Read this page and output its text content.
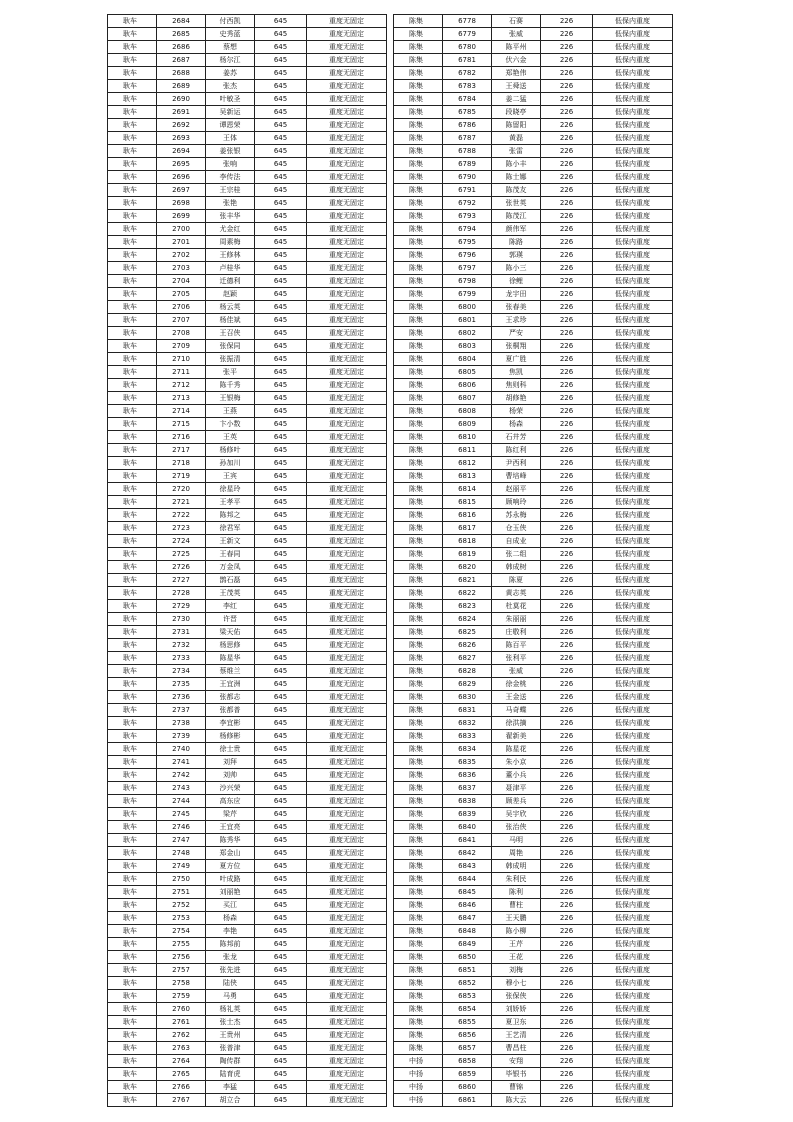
耿车	2684	付西凯	645	重度无固定
耿车	2685	史秀蓝	645	重度无固定
耿车	2686	蔡想	645	重度无固定
耿车	2687	杨尔江	645	重度无固定
耿车	2688	姜苏	645	重度无固定
耿车	2689	张杰	645	重度无固定
耿车	2690	叶敏圣	645	重度无固定
耿车	2691	吴新运	645	重度无固定
耿车	2692	谭恩荣	645	重度无固定
耿车	2693	王体	645	重度无固定
耿车	2694	姜张银	645	重度无固定
耿车	2695	张响	645	重度无固定
耿车	2696	李传法	645	重度无固定
耿车	2697	王宗桂	645	重度无固定
耿车	2698	张艳	645	重度无固定
耿车	2699	张丰华	645	重度无固定
耿车	2700	尤金红	645	重度无固定
耿车	2701	周素梅	645	重度无固定
耿车	2702	王修林	645	重度无固定
耿车	2703	卢桂华	645	重度无固定
耿车	2704	迁德利	645	重度无固定
耿车	2705	赵颖	645	重度无固定
耿车	2706	杨云英	645	重度无固定
耿车	2707	杨佳斌	645	重度无固定
耿车	2708	王召侠	645	重度无固定
耿车	2709	张保同	645	重度无固定
耿车	2710	张振清	645	重度无固定
耿车	2711	张平	645	重度无固定
耿车	2712	陈千秀	645	重度无固定
耿车	2713	王银梅	645	重度无固定
耿车	2714	王燕	645	重度无固定
耿车	2715	卞小数	645	重度无固定
耿车	2716	王英	645	重度无固定
耿车	2717	杨修叶	645	重度无固定
耿车	2718	孙加川	645	重度无固定
耿车	2719	王宾	645	重度无固定
耿车	2720	徐星玲	645	重度无固定
耿车	2721	王孝平	645	重度无固定
耿车	2722	陈邦之	645	重度无固定
耿车	2723	徐君军	645	重度无固定
耿车	2724	王新文	645	重度无固定
耿车	2725	王春同	645	重度无固定
耿车	2726	万金凤	645	重度无固定
耿车	2727	鹊石磊	645	重度无固定
耿车	2728	王茂英	645	重度无固定
耿车	2729	李红	645	重度无固定
耿车	2730	许晋	645	重度无固定
耿车	2731	梁天佑	645	重度无固定
耿车	2732	杨思修	645	重度无固定
耿车	2733	陈星华	645	重度无固定
耿车	2734	蔡维兰	645	重度无固定
耿车	2735	王宜洲	645	重度无固定
耿车	2736	张都志	645	重度无固定
耿车	2737	张都普	645	重度无固定
耿车	2738	李宜彬	645	重度无固定
耿车	2739	杨修彬	645	重度无固定
耿车	2740	徐士贵	645	重度无固定
耿车	2741	刘拜	645	重度无固定
耿车	2742	刘帅	645	重度无固定
耿车	2743	沙兴荣	645	重度无固定
耿车	2744	高东应	645	重度无固定
耿车	2745	梁芹	645	重度无固定
耿车	2746	王宜亮	645	重度无固定
耿车	2747	陈秀华	645	重度无固定
耿车	2748	郑金山	645	重度无固定
耿车	2749	夏方位	645	重度无固定
耿车	2750	叶成路	645	重度无固定
耿车	2751	刘丽艳	645	重度无固定
耿车	2752	买江	645	重度无固定
耿车	2753	杨森	645	重度无固定
耿车	2754	李艳	645	重度无固定
耿车	2755	陈邦前	645	重度无固定
耿车	2756	张龙	645	重度无固定
耿车	2757	张先进	645	重度无固定
耿车	2758	陆侠	645	重度无固定
耿车	2759	马勇	645	重度无固定
耿车	2760	杨礼英	645	重度无固定
耿车	2761	张士杰	645	重度无固定
耿车	2762	王贵州	645	重度无固定
耿车	2763	张普津	645	重度无固定
耿车	2764	陶传群	645	重度无固定
耿车	2765	陆育虎	645	重度无固定
耿车	2766	李猛	645	重度无固定
耿车	2767	胡立合	645	重度无固定
陈集	6778	石赛	226	低保内重度
陈集	6779	张威	226	低保内重度
陈集	6780	陈平州	226	低保内重度
陈集	6781	伏六金	226	低保内重度
陈集	6782	郑艳伟	226	低保内重度
陈集	6783	王舜送	226	低保内重度
陈集	6784	姜二猛	226	低保内重度
陈集	6785	段晓亭	226	低保内重度
陈集	6786	陈留阳	226	低保内重度
陈集	6787	黄磊	226	低保内重度
陈集	6788	张雷	226	低保内重度
陈集	6789	陈小丰	226	低保内重度
陈集	6790	陈士娜	226	低保内重度
陈集	6791	陈茂友	226	低保内重度
陈集	6792	张世英	226	低保内重度
陈集	6793	陈茂江	226	低保内重度
陈集	6794	颜伟军	226	低保内重度
陈集	6795	陈路	226	低保内重度
陈集	6796	郭瑛	226	低保内重度
陈集	6797	陈小三	226	低保内重度
陈集	6798	徐鲤	226	低保内重度
陈集	6799	龙宇田	226	低保内重度
陈集	6800	张春美	226	低保内重度
陈集	6801	王求珍	226	低保内重度
陈集	6802	严安	226	低保内重度
陈集	6803	张桐翔	226	低保内重度
陈集	6804	夏广胜	226	低保内重度
陈集	6805	焦凯	226	低保内重度
陈集	6806	焦则科	226	低保内重度
陈集	6807	胡修艳	226	低保内重度
陈集	6808	杨荣	226	低保内重度
陈集	6809	杨森	226	低保内重度
陈集	6810	石井芳	226	低保内重度
陈集	6811	陈红利	226	低保内重度
陈集	6812	尹西利	226	低保内重度
陈集	6813	曹培峰	226	低保内重度
陈集	6814	赵丽平	226	低保内重度
陈集	6815	顾响玲	226	低保内重度
陈集	6816	苏永梅	226	低保内重度
陈集	6817	仓玉侠	226	低保内重度
陈集	6818	自成业	226	低保内重度
陈集	6819	张二组	226	低保内重度
陈集	6820	韩成树	226	低保内重度
陈集	6821	陈夏	226	低保内重度
陈集	6822	黄志英	226	低保内重度
陈集	6823	杜莫花	226	低保内重度
陈集	6824	朱丽丽	226	低保内重度
陈集	6825	庄敬利	226	低保内重度
陈集	6826	陈百平	226	低保内重度
陈集	6827	张利平	226	低保内重度
陈集	6828	张威	226	低保内重度
陈集	6829	徐金桃	226	低保内重度
陈集	6830	王金送	226	低保内重度
陈集	6831	马奇蝶	226	低保内重度
陈集	6832	徐洪摘	226	低保内重度
陈集	6833	翟新美	226	低保内重度
陈集	6834	陈星花	226	低保内重度
陈集	6835	朱小京	226	低保内重度
陈集	6836	董小兵	226	低保内重度
陈集	6837	聂津平	226	低保内重度
陈集	6838	顾差兵	226	低保内重度
陈集	6839	吴宇欣	226	低保内重度
陈集	6840	张治侠	226	低保内重度
陈集	6841	马明	226	低保内重度
陈集	6842	周艳	226	低保内重度
陈集	6843	韩成明	226	低保内重度
陈集	6844	朱利民	226	低保内重度
陈集	6845	陈利	226	低保内重度
陈集	6846	曹柱	226	低保内重度
陈集	6847	王天鹏	226	低保内重度
陈集	6848	陈小柳	226	低保内重度
陈集	6849	王芹	226	低保内重度
陈集	6850	王花	226	低保内重度
陈集	6851	刘梅	226	低保内重度
陈集	6852	穆小七	226	低保内重度
陈集	6853	张保侠	226	低保内重度
陈集	6854	刘娇娇	226	低保内重度
陈集	6855	夏卫东	226	低保内重度
陈集	6856	王艺清	226	低保内重度
陈集	6857	曹昌柱	226	低保内重度
中扬	6858	安翔	226	低保内重度
中扬	6859	毕银书	226	低保内重度
中扬	6860	曹锦	226	低保内重度
中扬	6861	陈大云	226	低保内重度
